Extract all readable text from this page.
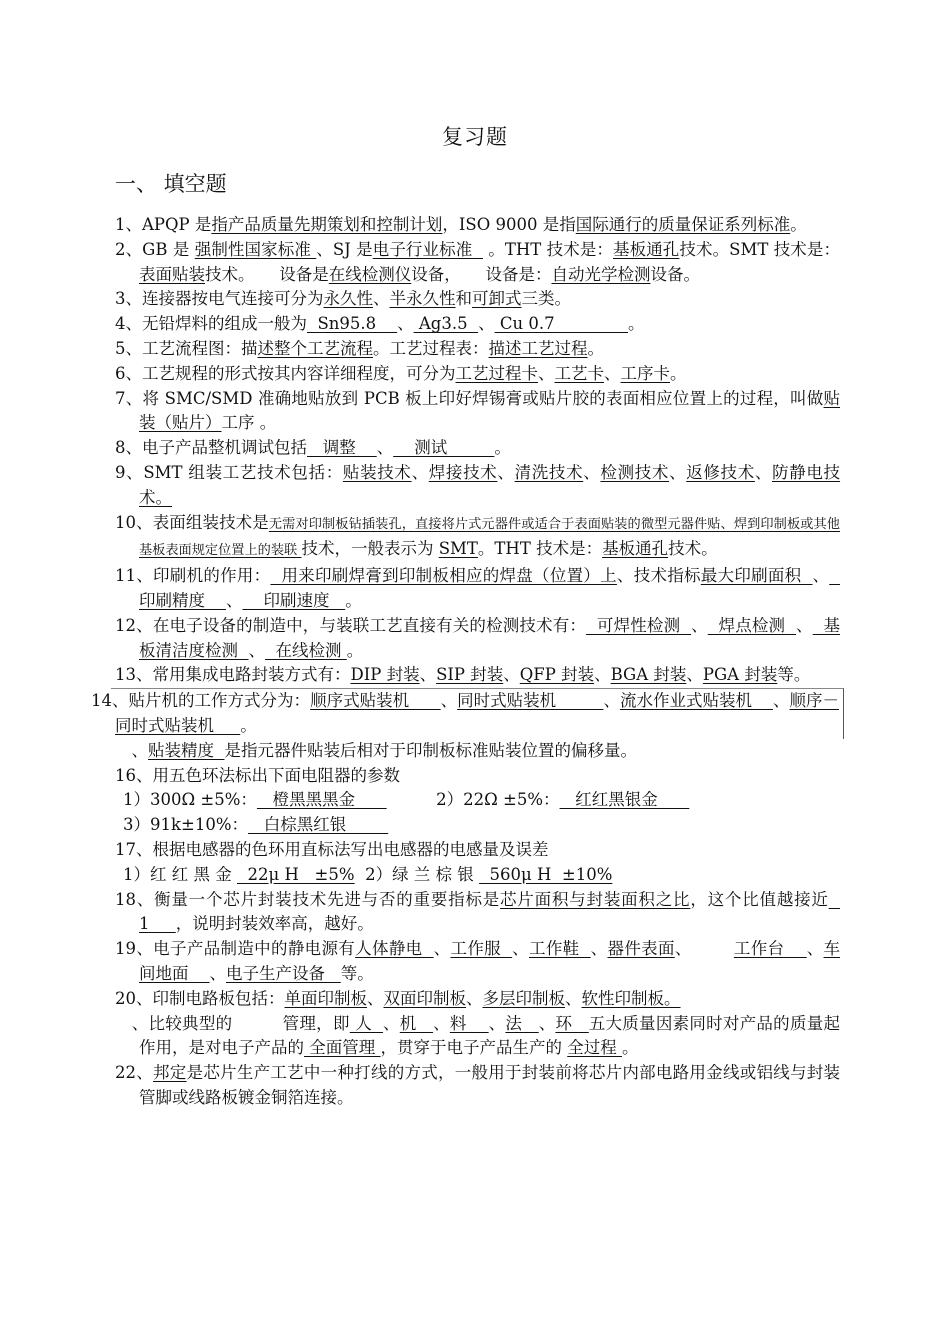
复习题
一、 填空题

1、APQP 是指产品质量先期策划和控制计划，ISO 9000 是指国际通行的质量保证系列标准。

2、GB 是 强制性国家标准 、SJ 是电子行业标准   。THT 技术是：基板通孔技术。SMT 技术是：表面贴装技术。　　设备是在线检测仪设备，　　设备是：自动光学检测设备。

3、连接器按电气连接可分为永久性、半永久性和可卸式三类。

4、无铅焊料的组成一般为  Sn95.8    、 Ag3.5  、 Cu 0.7              。

5、工艺流程图：描述整个工艺流程。工艺过程表：描述工艺过程。

6、工艺规程的形式按其内容详细程度，可分为工艺过程卡、工艺卡、工序卡。

7、将 SMC/SMD 准确地贴放到 PCB 板上印好焊锡膏或贴片胶的表面相应位置上的过程，叫做贴装（贴片）工序 。

8、电子产品整机调试包括   调整    、    测试         。

9、SMT 组装工艺技术包括：贴装技术、焊接技术、清洗技术、检测技术、返修技术、防静电技术。

10、表面组装技术是无需对印制板钻插装孔，直接将片式元器件或适合于表面贴装的微型元器件贴、焊到印制板或其他基板表面规定位置上的装联 技术，一般表示为 SMT。THT 技术是：基板通孔技术。

11、印刷机的作用：  用来印刷焊膏到印制板相应的焊盘（位置）上、技术指标最大印刷面积  、   印刷精度    、    印刷速度   。

12、在电子设备的制造中，与装联工艺直接有关的检测技术有：  可焊性检测  、  焊点检测  、  基板清洁度检测  、  在线检测 。

13、常用集成电路封装方式有：DIP 封装、SIP 封装、QFP 封装、BGA 封装、PGA 封装等。

14、贴片机的工作方式分为：顺序式贴装机      、同时式贴装机         、流水作业式贴装机    、顺序－同时式贴装机     。

　、贴装精度  是指元器件贴装后相对于印制板标准贴装位置的偏移量。

16、用五色环法标出下面电阻器的参数

1）300Ω ±5%：   橙黑黑黑金      　　　2）22Ω ±5%：   红红黑银金

3）91k±10%：   白棕黑红银

17、根据电感器的色环用直标法写出电感器的电感量及误差

1）红 红 黑 金   22μ H   ±5%  2）绿 兰 棕 银   560μ H  ±10%

18、衡量一个芯片封装技术先进与否的重要指标是芯片面积与封装面积之比，这个比值越接近   1     ，说明封装效率高，越好。

19、电子产品制造中的静电源有人体静电  、工作服  、工作鞋  、器件表面、　　　工作台    、车间地面    、电子生产设备   等。

20、印制电路板包括：单面印制板、双面印制板、多层印制板、软性印制板。

　、比较典型的　　　管理，即 人  、机   、料    、法   、环   五大质量因素同时对产品的质量起作用，是对电子产品的 全面管理 ，贯穿于电子产品生产的 全过程 。

22、邦定是芯片生产工艺中一种打线的方式，一般用于封装前将芯片内部电路用金线或铝线与封装管脚或线路板镀金铜箔连接。
